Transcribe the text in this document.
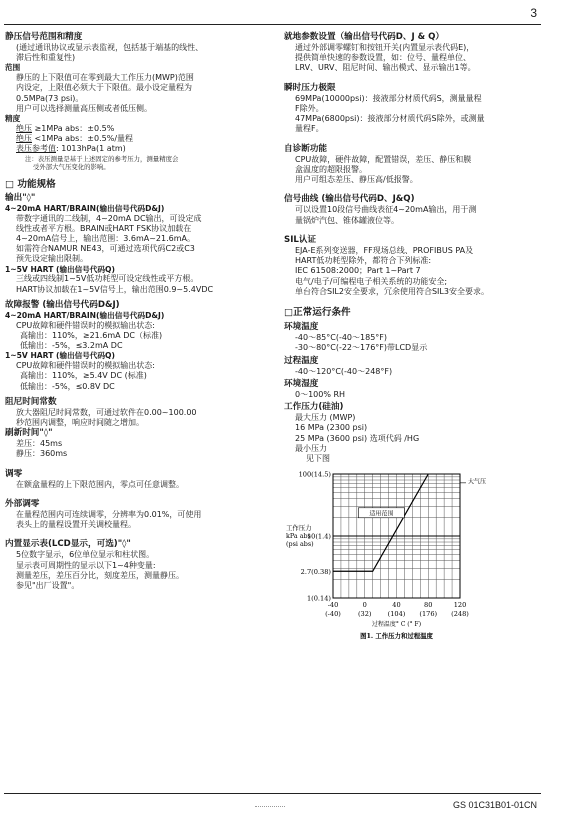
3
静压信号范围和精度
(通过通讯协议或显示表监视，包括基于端基的线性、
滞后性和重复性)
范围
静压的上下限值可在零到最大工作压力(MWP)范围
内设定，上限值必须大于下限值。最小设定量程为
0.5MPa(73 psi)。
用户可以选择测量高压侧或者低压侧。
精度
绝压 ≥1MPa abs：±0.5%
绝压 <1MPa abs：±0.5%/量程
表压参考值: 1013hPa(1 atm)
注：表压测量是基于上述固定的参考压力，测量精度会
受外部大气压变化的影响。
□ 功能规格
输出"◊"
4~20mA HART/BRAIN(输出信号代码D&J)
带数字通讯的二线制，4~20mA DC输出，可设定成
线性或者平方根。BRAIN或HART FSK协议加载在
4~20mA信号上，输出范围：3.6mA~21.6mA。
如需符合NAMUR NE43，可通过选项代码C2或C3
预先设定输出限制。
1~5V HART (输出信号代码Q)
三线或四线制1~5V低功耗型可设定线性或平方根。
HART协议加载在1~5V信号上，输出范围0.9~5.4VDC
故障报警 (输出信号代码D&J)
4~20mA HART/BRAIN(输出信号代码D&J)
CPU故障和硬件错误时的模拟输出状态:
高输出：110%，≥21.6mA DC（标准)
低输出：-5%，≤3.2mA DC
1~5V HART (输出信号代码Q)
CPU故障和硬件错误时的模拟输出状态:
高输出：110%，≥5.4V DC (标准)
低输出：-5%，≤0.8V DC
阻尼时间常数
放大器阻尼时间常数，可通过软件在0.00~100.00
秒范围内调整，响应时间随之增加。
刷新时间"◊"
差压：45ms
静压：360ms
调零
在额盒量程的上下限范围内，零点可任意调整。
外部调零
在量程范围内可连续调零，分辨率为0.01%，可使用
表头上的量程设置开关调校量程。
内置显示表(LCD显示，可选)"◊"
5位数字显示，6位单位显示和柱状图。
显示表可周期性的显示以下1~4种变量:
测量差压，差压百分比，刻度差压，测量静压。
参见"出厂设置"。
就地参数设置（输出信号代码D、J & Q）
通过外部调零螺钉和按钮开关(内置显示表代码E)，
提供简单快速的参数设置，如：位号、量程单位、
LRV、URV、阻尼时间、输出模式、显示输出1等。
瞬时压力极限
69MPa(10000psi)：接液部分材质代码S，测量量程
F除外。
47MPa(6800psi)：接液部分材质代码S除外，或测量
量程F。
自诊断功能
CPU故障，硬件故障，配置错误，差压、静压和膜
盒温度的超限报警。
用户可组态差压、静压高/低报警。
信号曲线 (输出信号代码D、J&Q)
可以设置10段信号曲线表征4~20mA输出，用于测
量锅炉汽包、锥体罐液位等。
SIL认证
EJA-E系列变送器，FF现场总线、PROFIBUS PA及
HART低功耗型除外，都符合下列标准:
IEC 61508:2000；Part 1~Part 7
电气/电子/可编程电子相关系统的功能安全;
单台符合SIL2安全要求，冗余使用符合SIL3安全要求。
□正常运行条件
环境温度
-40～85°C(-40～185°F)
-30～80°C(-22～176°F)带LCD显示
过程温度
-40～120°C(-40～248°F)
环境湿度
0～100% RH
工作压力(硅油)
最大压力 (MWP)
16 MPa (2300 psi)
25 MPa (3600 psi) 选项代码 /HG
最小压力
见下图
适用范围
大气压
100(14.5)
10(1.4)
2.7(0.38)
1(0.14)
工作压力
kPa abs
(psi abs)
-40
(-40)
0
(32)
40
(104)
80
(176)
120
(248)
过程温度° C (° F)
图1. 工作压力和过程温度
GS 01C31B01-01CN
